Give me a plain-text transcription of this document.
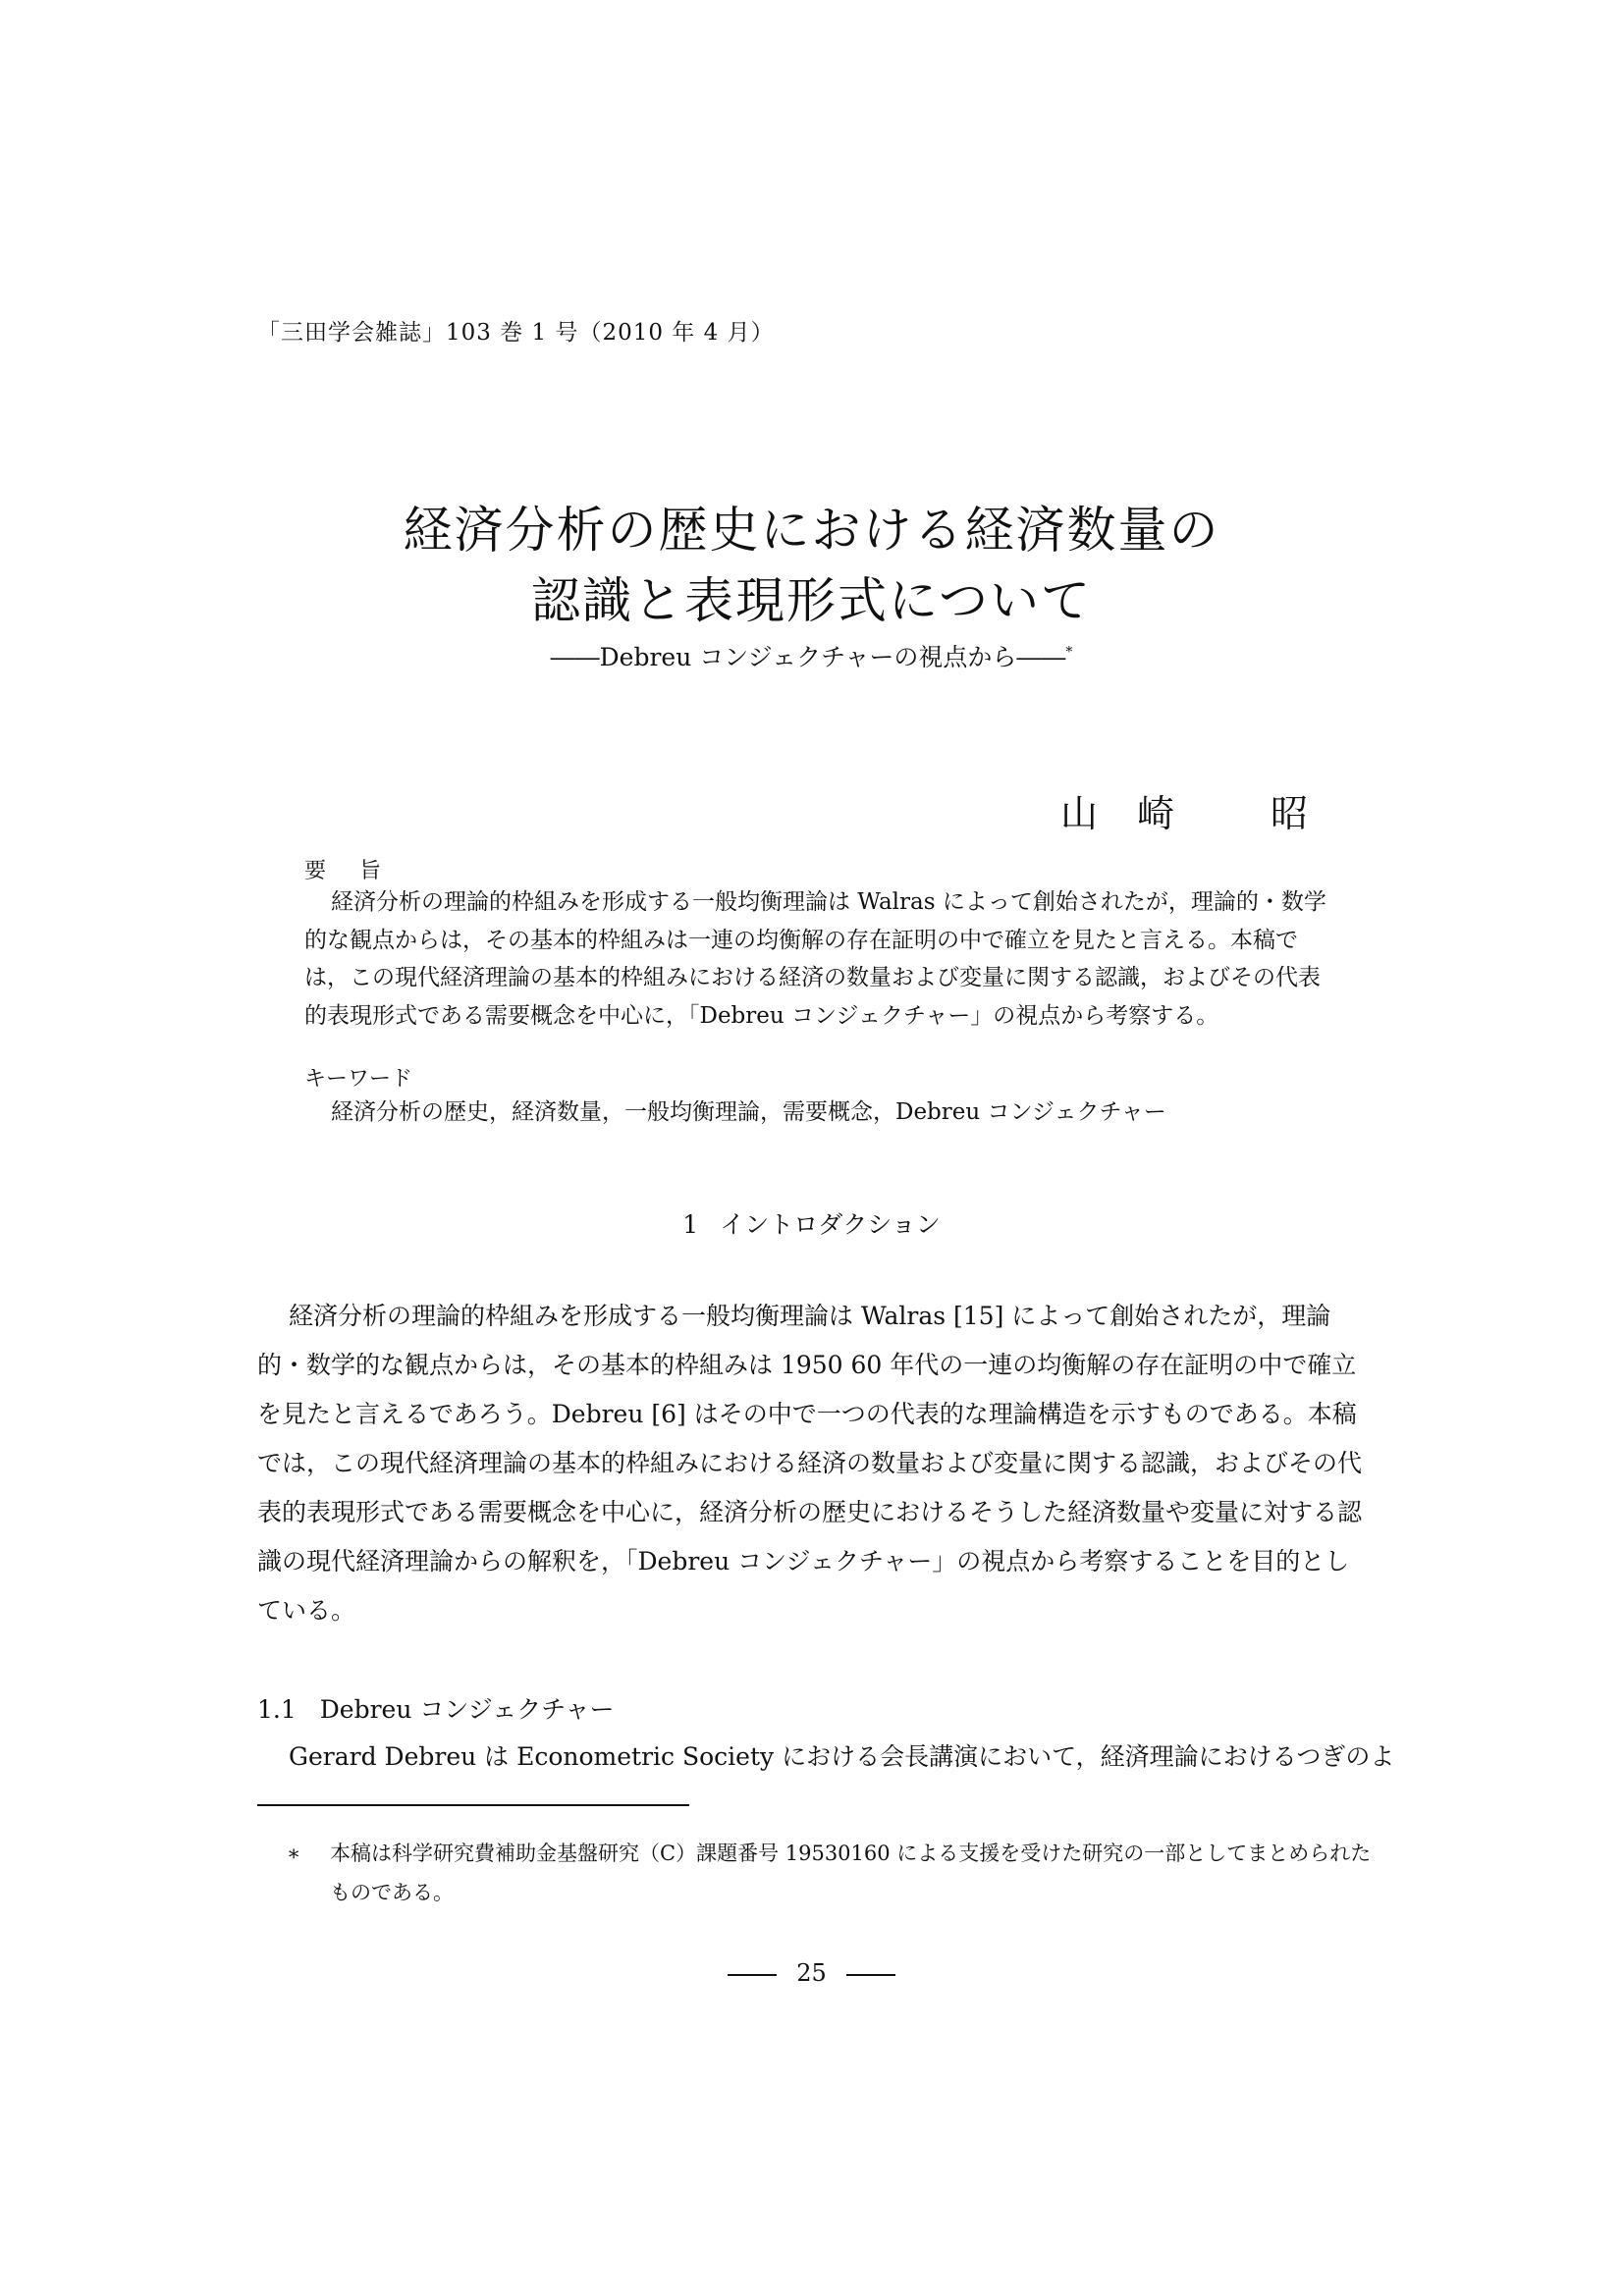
「三田学会雑誌」103 巻 1 号（2010 年 4 月）
経済分析の歴史における経済数量の
認識と表現形式について
――Debreu コンジェクチャーの視点から――*
山 崎	昭
要旨
経済分析の理論的枠組みを形成する一般均衡理論は Walras によって創始されたが，理論的・数学的な観点からは，その基本的枠組みは一連の均衡解の存在証明の中で確立を見たと言える。本稿では，この現代経済理論の基本的枠組みにおける経済の数量および変量に関する認識，およびその代表的表現形式である需要概念を中心に，「Debreu コンジェクチャー」の視点から考察する。
キーワード
経済分析の歴史，経済数量，一般均衡理論，需要概念，Debreu コンジェクチャー
1 イントロダクション
経済分析の理論的枠組みを形成する一般均衡理論は Walras [15] によって創始されたが，理論的・数学的な観点からは，その基本的枠組みは 1950 60 年代の一連の均衡解の存在証明の中で確立を見たと言えるであろう。Debreu [6] はその中で一つの代表的な理論構造を示すものである。本稿では，この現代経済理論の基本的枠組みにおける経済の数量および変量に関する認識，およびその代表的表現形式である需要概念を中心に，経済分析の歴史におけるそうした経済数量や変量に対する認識の現代経済理論からの解釈を，「Debreu コンジェクチャー」の視点から考察することを目的としている。
1.1 Debreu コンジェクチャー
Gerard Debreu は Econometric Society における会長講演において，経済理論におけるつぎのよ
∗	本稿は科学研究費補助金基盤研究（C）課題番号 19530160 による支援を受けた研究の一部としてまとめられたものである。
25
